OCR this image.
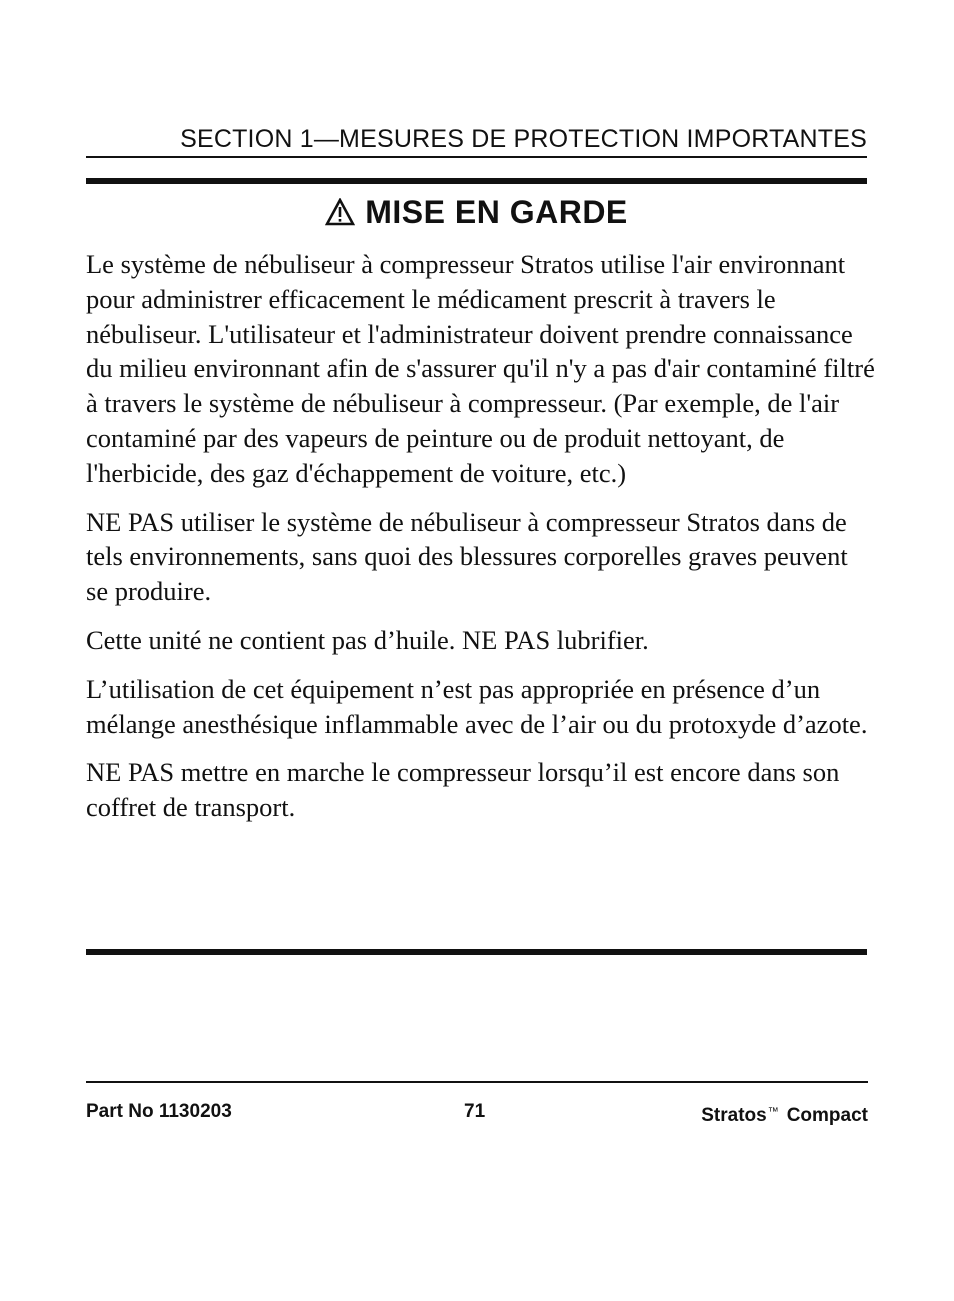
SECTION 1—MESURES DE PROTECTION IMPORTANTES
MISE EN GARDE

Le système de nébuliseur à compresseur Stratos utilise l'air environnant pour administrer efficacement le médicament prescrit à travers le nébuliseur. L'utilisateur et l'administrateur doivent prendre connaissance du milieu environnant afin de s'assurer qu'il n'y a pas d'air contaminé filtré à travers le système de nébuliseur à compresseur. (Par exemple, de l'air contaminé par des vapeurs de peinture ou de produit nettoyant, de l'herbicide, des gaz d'échappement de voiture, etc.)

NE PAS utiliser le système de nébuliseur à compresseur Stratos dans de tels environnements, sans quoi des blessures corporelles graves peuvent se produire.

Cette unité ne contient pas d’huile. NE PAS lubrifier.

L’utilisation de cet équipement n’est pas appropriée en présence d’un mélange anesthésique inflammable avec de l’air ou du protoxyde d’azote.

NE PAS mettre en marche le compresseur lorsqu’il est encore dans son coffret de transport.

Part No 1130203	71	Stratos™ Compact
